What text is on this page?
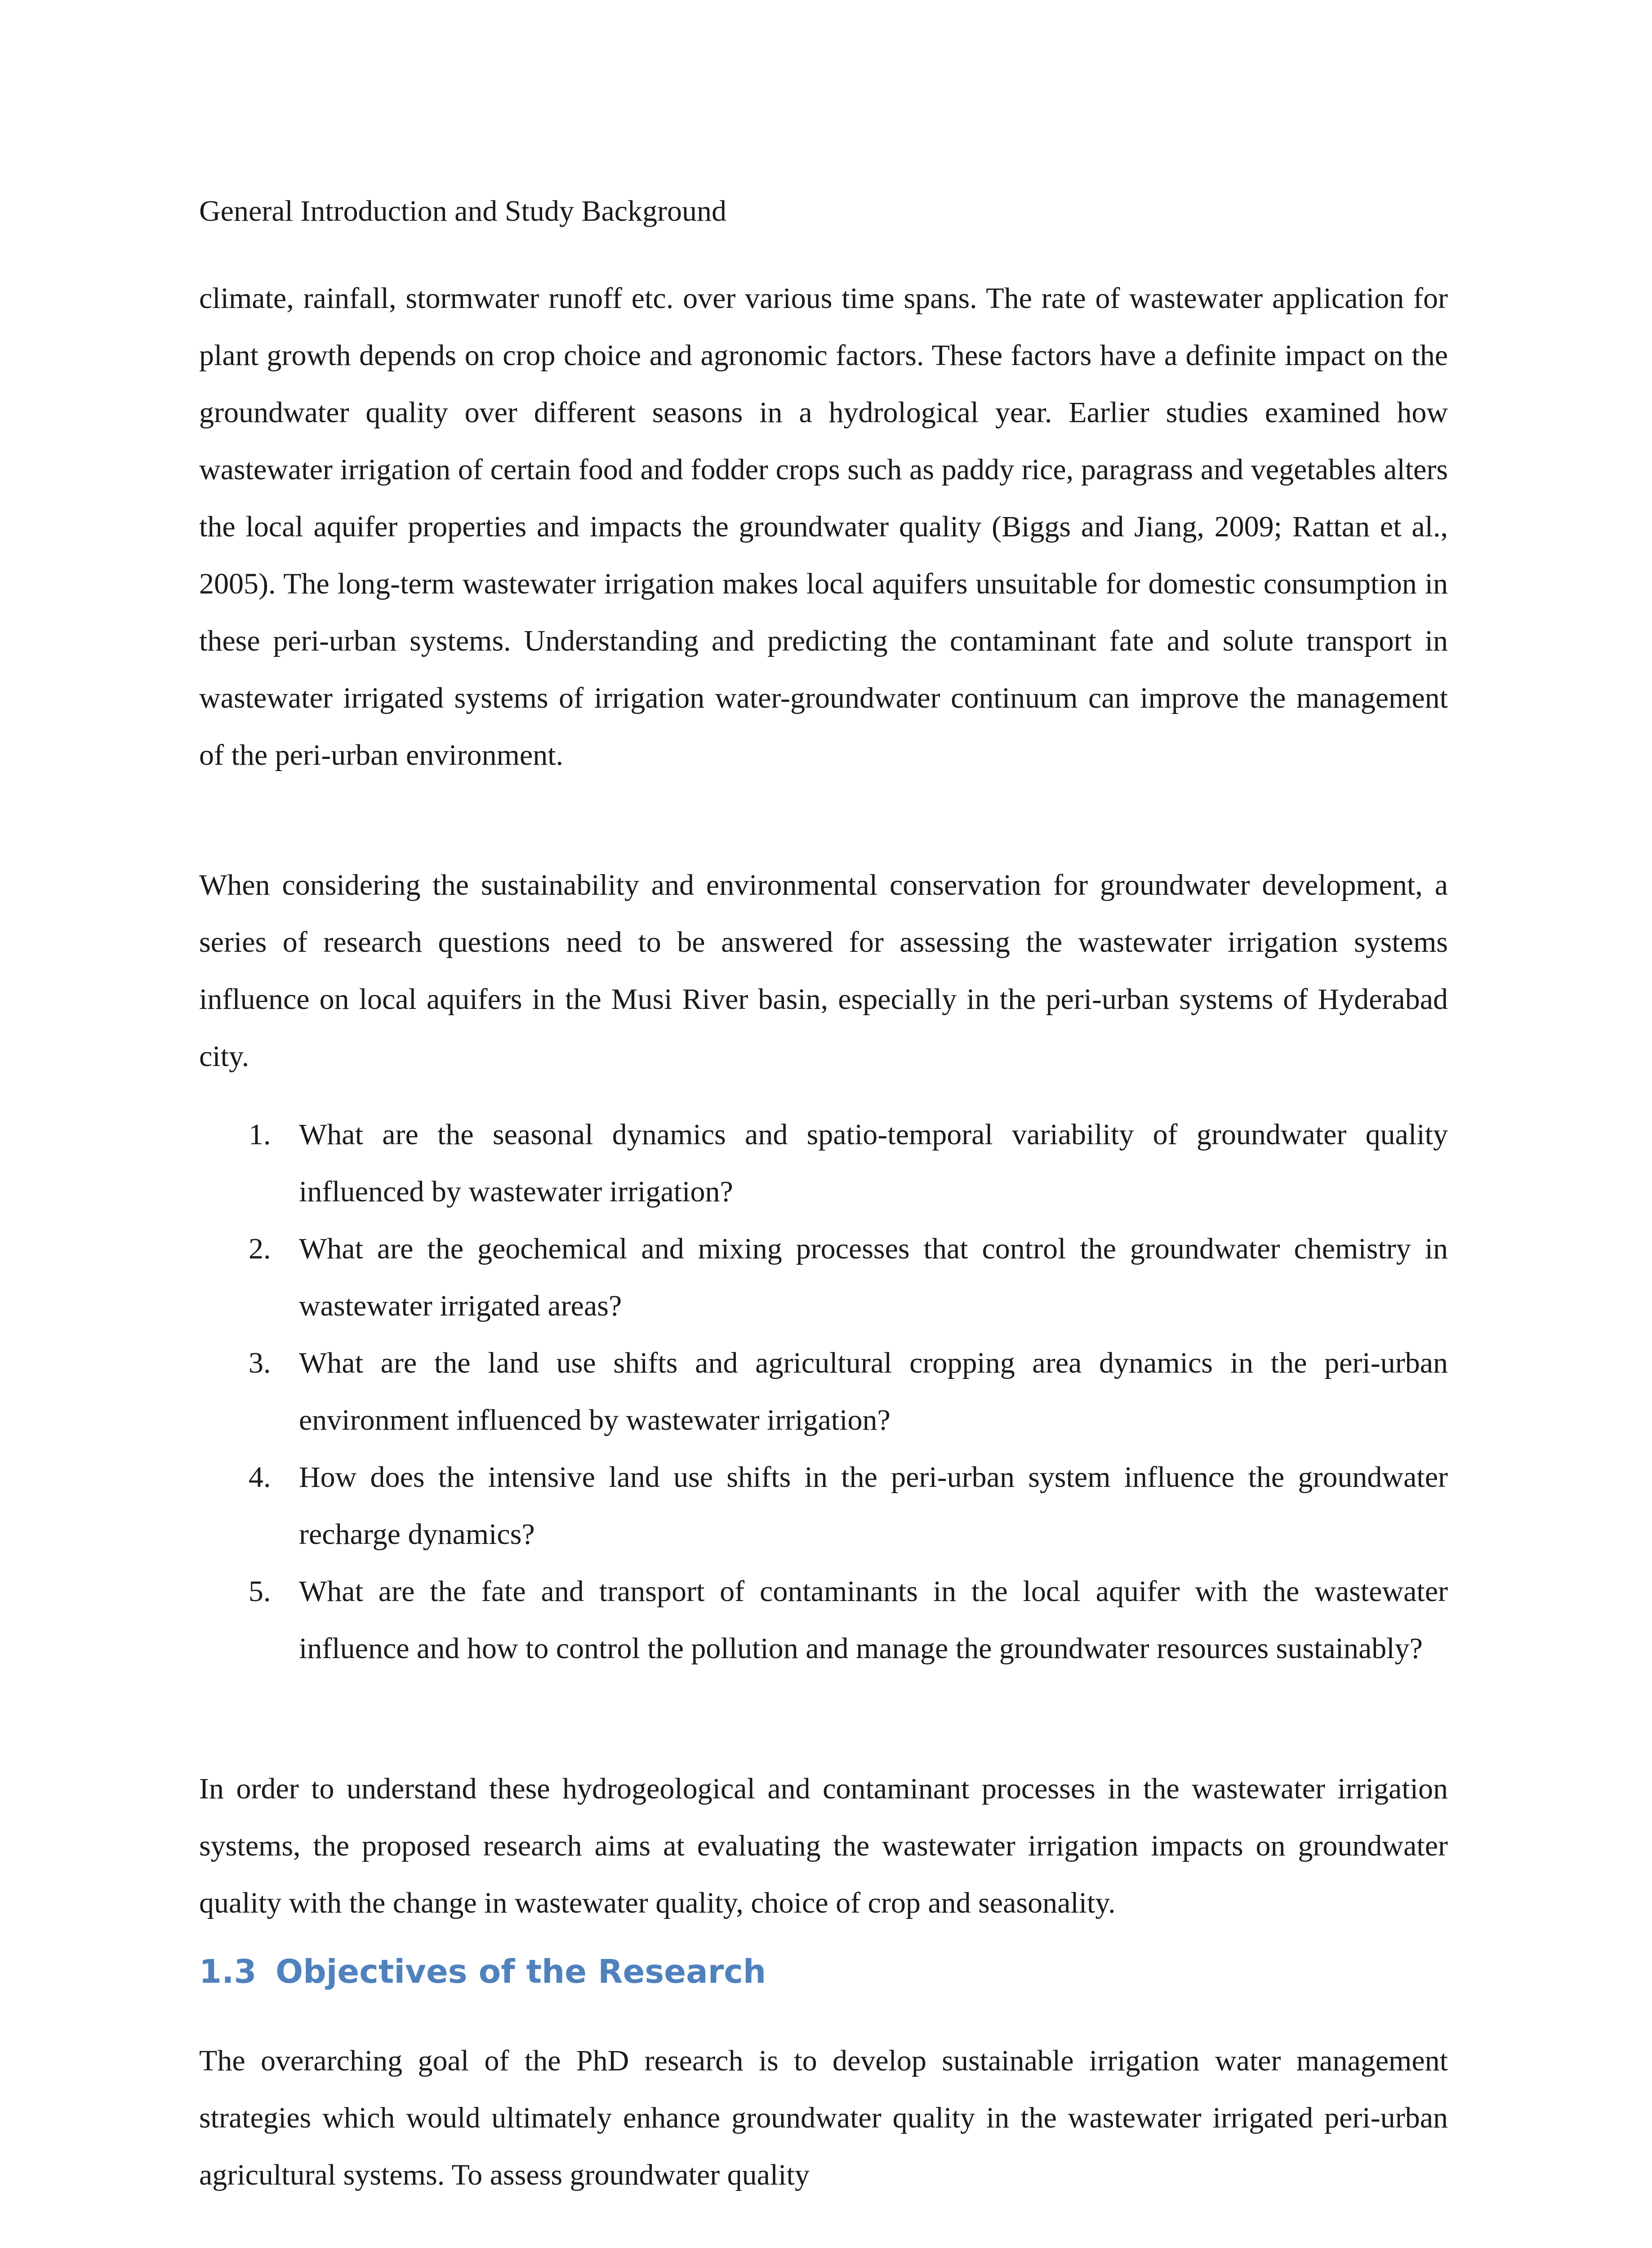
General Introduction and Study Background

climate, rainfall, stormwater runoff etc. over various time spans. The rate of wastewater application for plant growth depends on crop choice and agronomic factors. These factors have a definite impact on the groundwater quality over different seasons in a hydrological year. Earlier studies examined how wastewater irrigation of certain food and fodder crops such as paddy rice, paragrass and vegetables alters the local aquifer properties and impacts the groundwater quality (Biggs and Jiang, 2009; Rattan et al., 2005). The long-term wastewater irrigation makes local aquifers unsuitable for domestic consumption in these peri-urban systems. Understanding and predicting the contaminant fate and solute transport in wastewater irrigated systems of irrigation water-groundwater continuum can improve the management of the peri-urban environment.

When considering the sustainability and environmental conservation for groundwater development, a series of research questions need to be answered for assessing the wastewater irrigation systems influence on local aquifers in the Musi River basin, especially in the peri-urban systems of Hyderabad city.

1. What are the seasonal dynamics and spatio-temporal variability of groundwater quality influenced by wastewater irrigation?
2. What are the geochemical and mixing processes that control the groundwater chemistry in wastewater irrigated areas?
3. What are the land use shifts and agricultural cropping area dynamics in the peri-urban environment influenced by wastewater irrigation?
4. How does the intensive land use shifts in the peri-urban system influence the groundwater recharge dynamics?
5. What are the fate and transport of contaminants in the local aquifer with the wastewater influence and how to control the pollution and manage the groundwater resources sustainably?

In order to understand these hydrogeological and contaminant processes in the wastewater irrigation systems, the proposed research aims at evaluating the wastewater irrigation impacts on groundwater quality with the change in wastewater quality, choice of crop and seasonality.

1.3 Objectives of the Research

The overarching goal of the PhD research is to develop sustainable irrigation water management strategies which would ultimately enhance groundwater quality in the wastewater irrigated peri-urban agricultural systems. To assess groundwater quality
